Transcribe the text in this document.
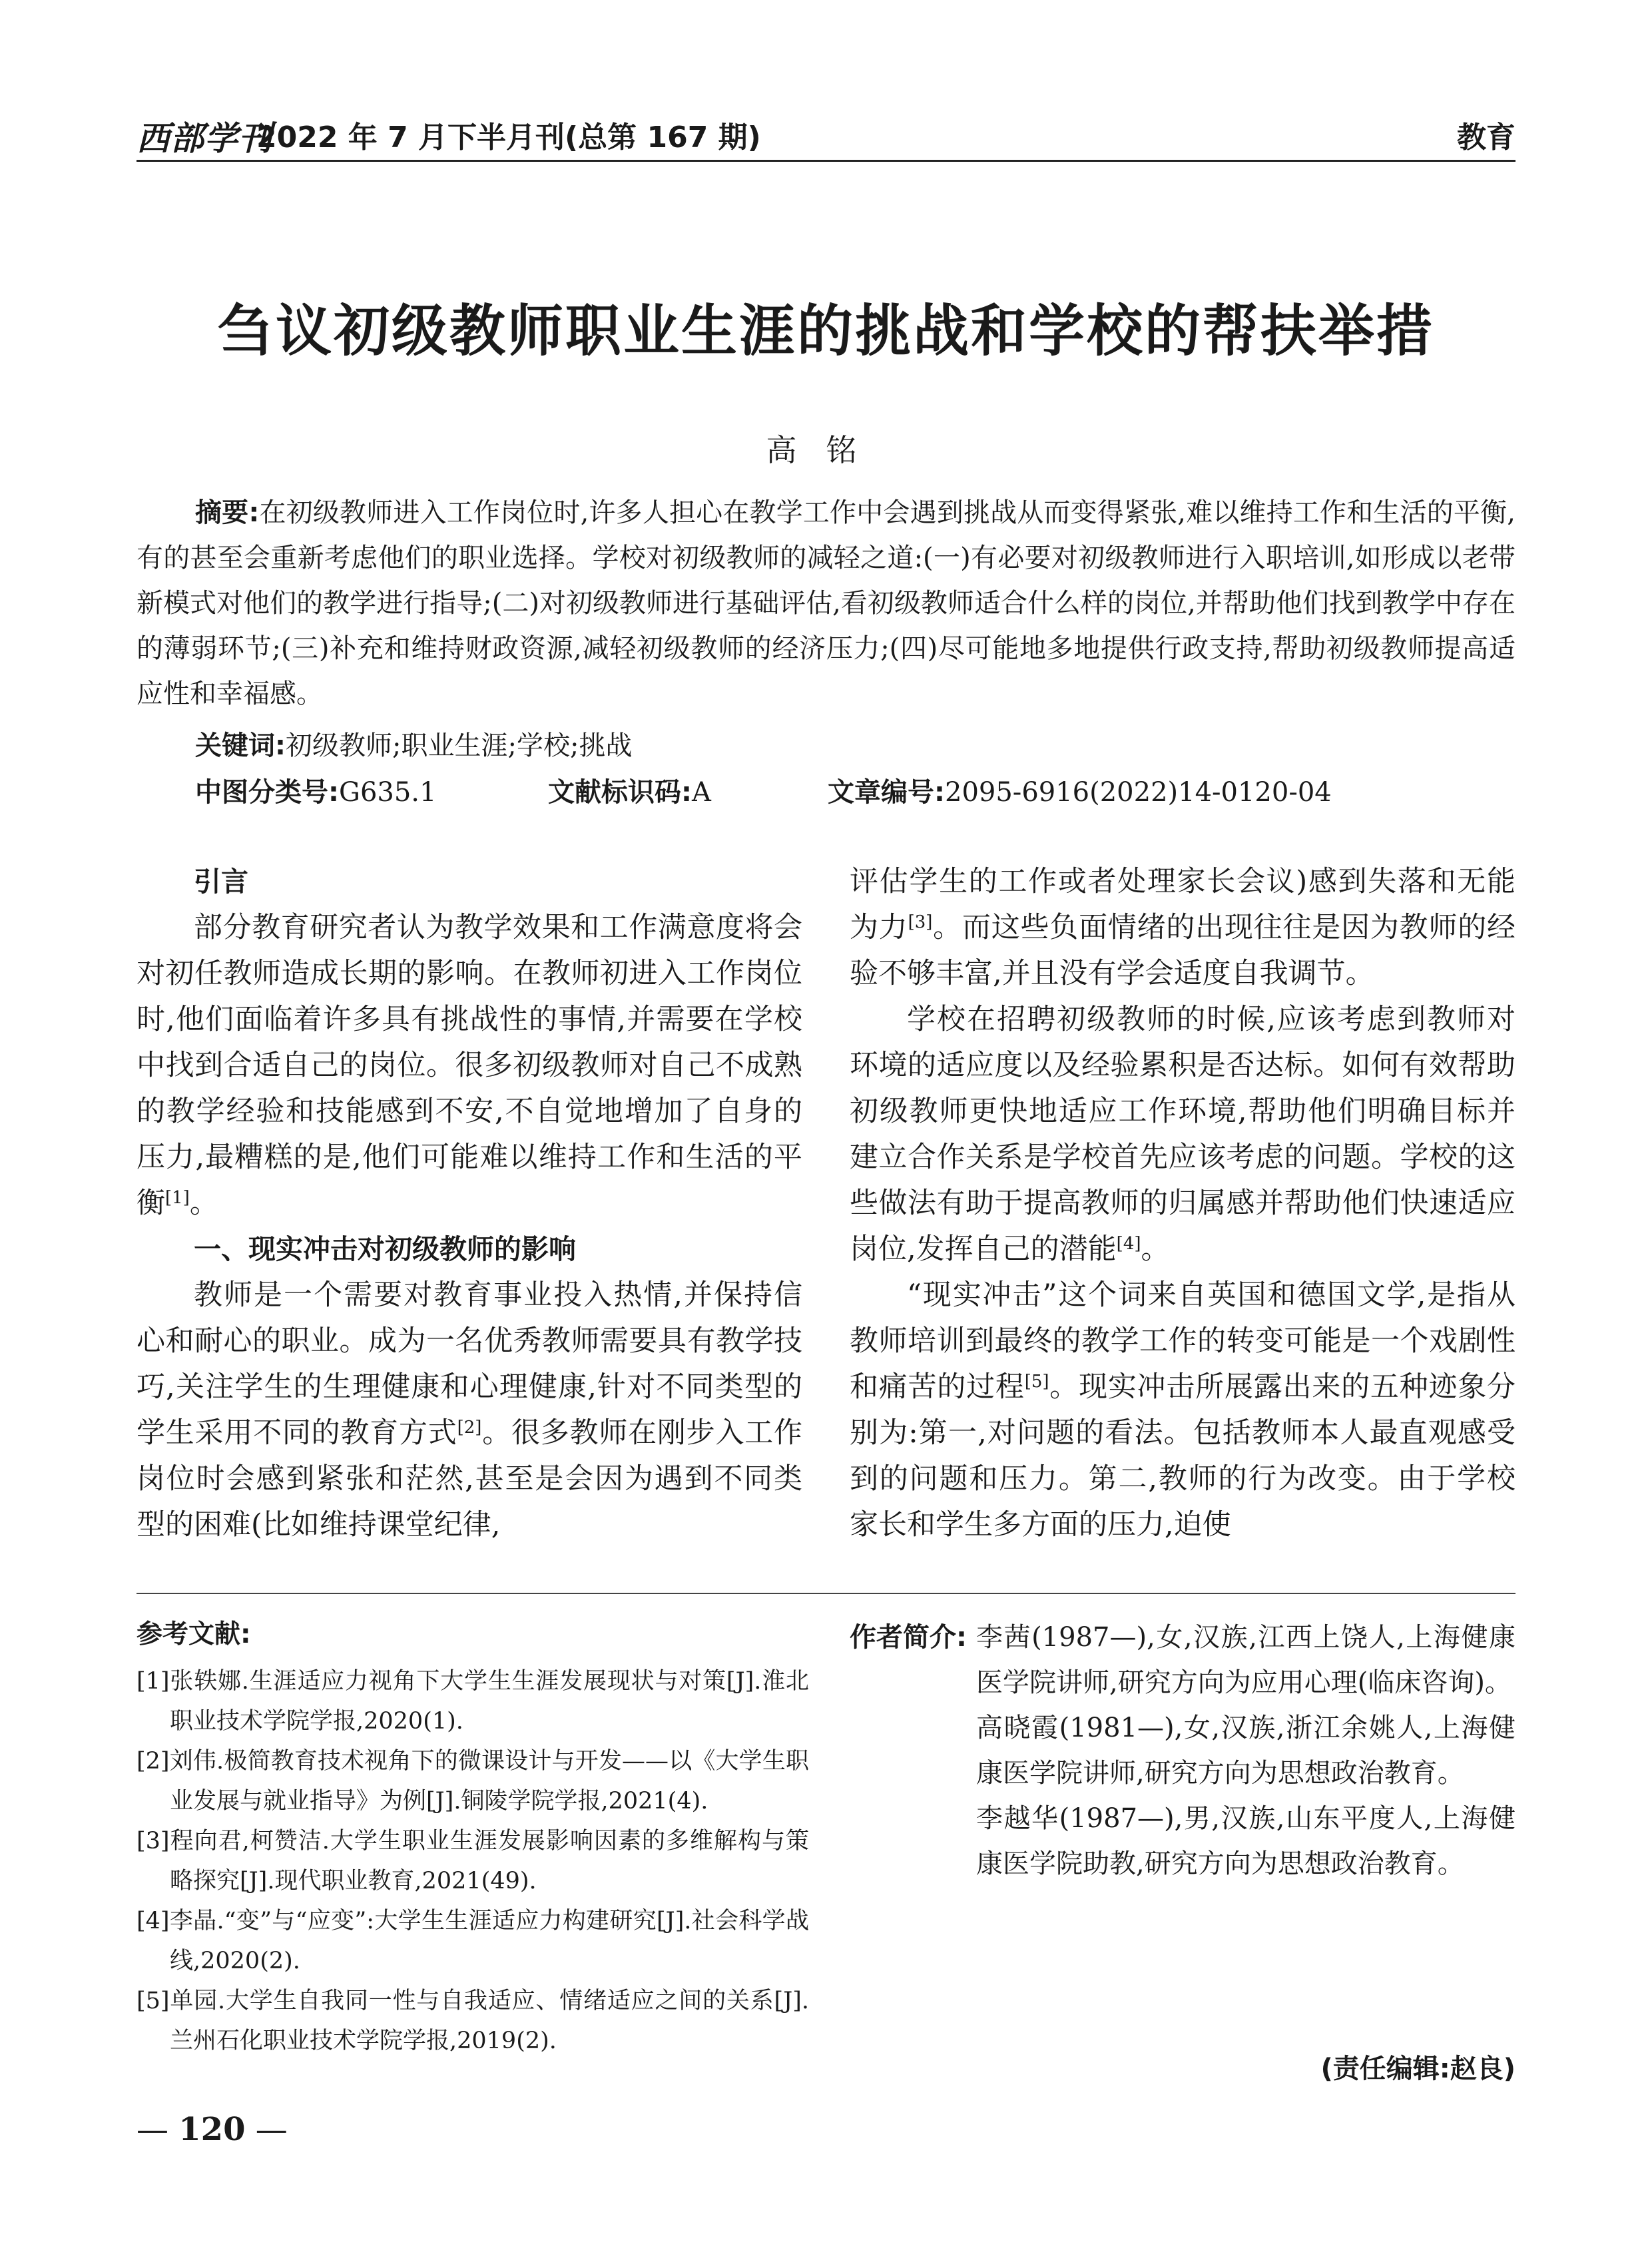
西部学刊
2022 年 7 月下半月刊(总第 167 期)	教育
刍议初级教师职业生涯的挑战和学校的帮扶举措
高铭
摘要:在初级教师进入工作岗位时,许多人担心在教学工作中会遇到挑战从而变得紧张,难以维持工作和生活的平衡,有的甚至会重新考虑他们的职业选择。学校对初级教师的减轻之道:(一)有必要对初级教师进行入职培训,如形成以老带新模式对他们的教学进行指导;(二)对初级教师进行基础评估,看初级教师适合什么样的岗位,并帮助他们找到教学中存在的薄弱环节;(三)补充和维持财政资源,减轻初级教师的经济压力;(四)尽可能地多地提供行政支持,帮助初级教师提高适应性和幸福感。
关键词:初级教师;职业生涯;学校;挑战
中图分类号:G635.1	文献标识码:A	文章编号:2095-6916(2022)14-0120-04
引言

部分教育研究者认为教学效果和工作满意度将会对初任教师造成长期的影响。在教师初进入工作岗位时,他们面临着许多具有挑战性的事情,并需要在学校中找到合适自己的岗位。很多初级教师对自己不成熟的教学经验和技能感到不安,不自觉地增加了自身的压力,最糟糕的是,他们可能难以维持工作和生活的平衡[1]。

一、现实冲击对初级教师的影响

教师是一个需要对教育事业投入热情,并保持信心和耐心的职业。成为一名优秀教师需要具有教学技巧,关注学生的生理健康和心理健康,针对不同类型的学生采用不同的教育方式[2]。很多教师在刚步入工作岗位时会感到紧张和茫然,甚至是会因为遇到不同类型的困难(比如维持课堂纪律,

评估学生的工作或者处理家长会议)感到失落和无能为力[3]。而这些负面情绪的出现往往是因为教师的经验不够丰富,并且没有学会适度自我调节。

学校在招聘初级教师的时候,应该考虑到教师对环境的适应度以及经验累积是否达标。如何有效帮助初级教师更快地适应工作环境,帮助他们明确目标并建立合作关系是学校首先应该考虑的问题。学校的这些做法有助于提高教师的归属感并帮助他们快速适应岗位,发挥自己的潜能[4]。

“现实冲击”这个词来自英国和德国文学,是指从教师培训到最终的教学工作的转变可能是一个戏剧性和痛苦的过程[5]。现实冲击所展露出来的五种迹象分别为:第一,对问题的看法。包括教师本人最直观感受到的问题和压力。第二,教师的行为改变。由于学校家长和学生多方面的压力,迫使

参考文献:
[1]张轶娜.生涯适应力视角下大学生生涯发展现状与对策[J].淮北职业技术学院学报,2020(1).
[2]刘伟.极简教育技术视角下的微课设计与开发——以《大学生职业发展与就业指导》为例[J].铜陵学院学报,2021(4).
[3]程向君,柯赞洁.大学生职业生涯发展影响因素的多维解构与策略探究[J].现代职业教育,2021(49).
[4]李晶.“变”与“应变”:大学生生涯适应力构建研究[J].社会科学战线,2020(2).
[5]单园.大学生自我同一性与自我适应、情绪适应之间的关系[J].兰州石化职业技术学院学报,2019(2).
作者简介: 李茜(1987—),女,汉族,江西上饶人,上海健康医学院讲师,研究方向为应用心理(临床咨询)。

高晓霞(1981—),女,汉族,浙江余姚人,上海健康医学院讲师,研究方向为思想政治教育。

李越华(1987—),男,汉族,山东平度人,上海健康医学院助教,研究方向为思想政治教育。

(责任编辑:赵良)
— 120 —
